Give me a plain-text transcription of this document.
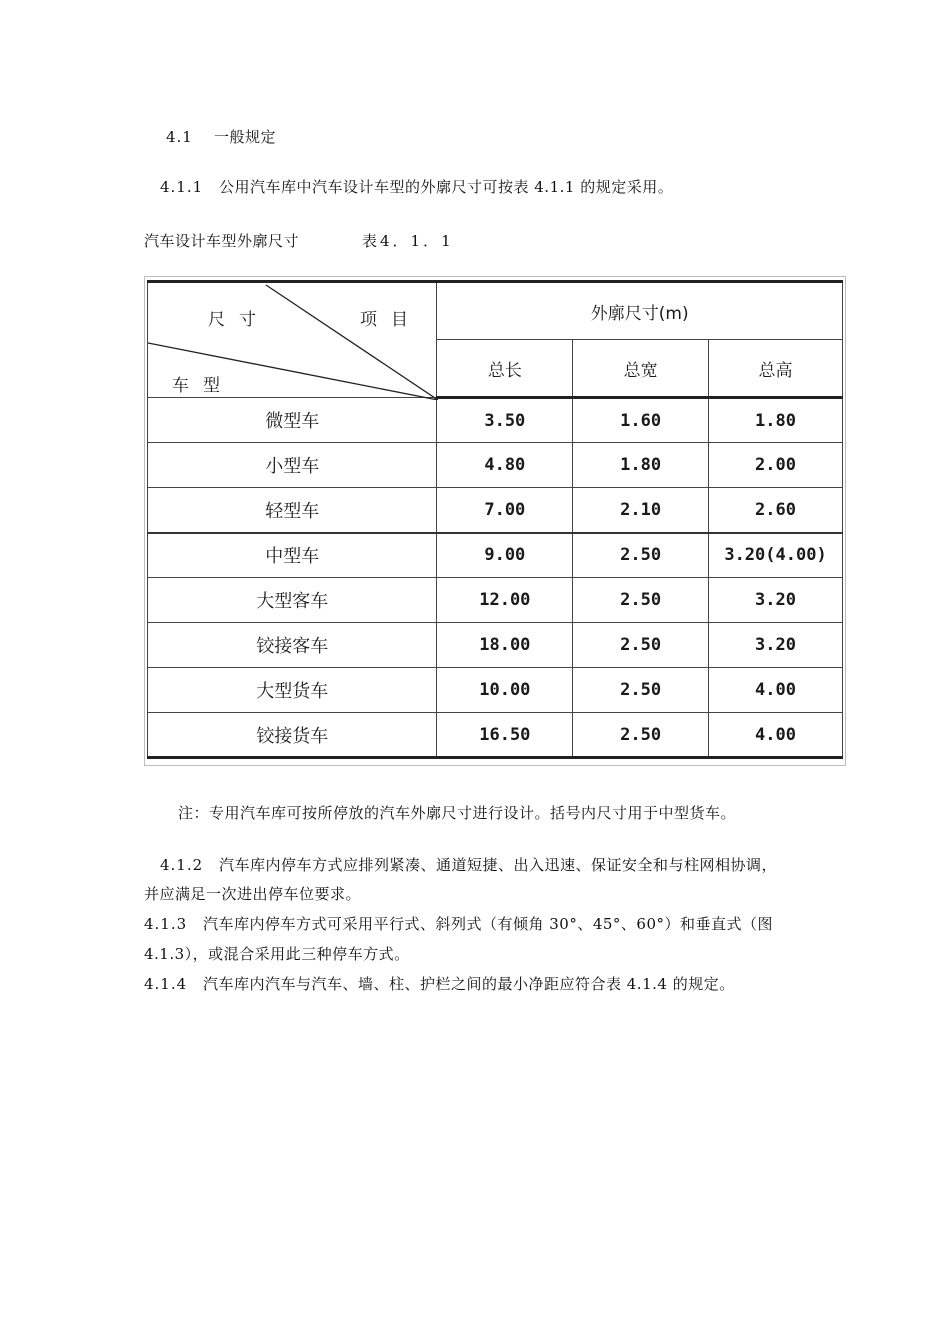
4.1 一般规定
4.1.1 公用汽车库中汽车设计车型的外廓尺寸可按表 4.1.1 的规定采用。
汽车设计车型外廓尺寸	表4．1．1
尺寸 项目
车型	外廓尺寸(m)		
	总长	总宽	总高
微型车	3.50	1.60	1.80
小型车	4.80	1.80	2.00
轻型车	7.00	2.10	2.60
中型车	9.00	2.50	3.20(4.00)
大型客车	12.00	2.50	3.20
铰接客车	18.00	2.50	3.20
大型货车	10.00	2.50	4.00
铰接货车	16.50	2.50	4.00
注：专用汽车库可按所停放的汽车外廓尺寸进行设计。括号内尺寸用于中型货车。
4.1.2 汽车库内停车方式应排列紧凑、通道短捷、出入迅速、保证安全和与柱网相协调，
并应满足一次进出停车位要求。
4.1.3 汽车库内停车方式可采用平行式、斜列式（有倾角 30°、45°、60°）和垂直式（图
4.1.3），或混合采用此三种停车方式。
4.1.4 汽车库内汽车与汽车、墙、柱、护栏之间的最小净距应符合表 4.1.4 的规定。
